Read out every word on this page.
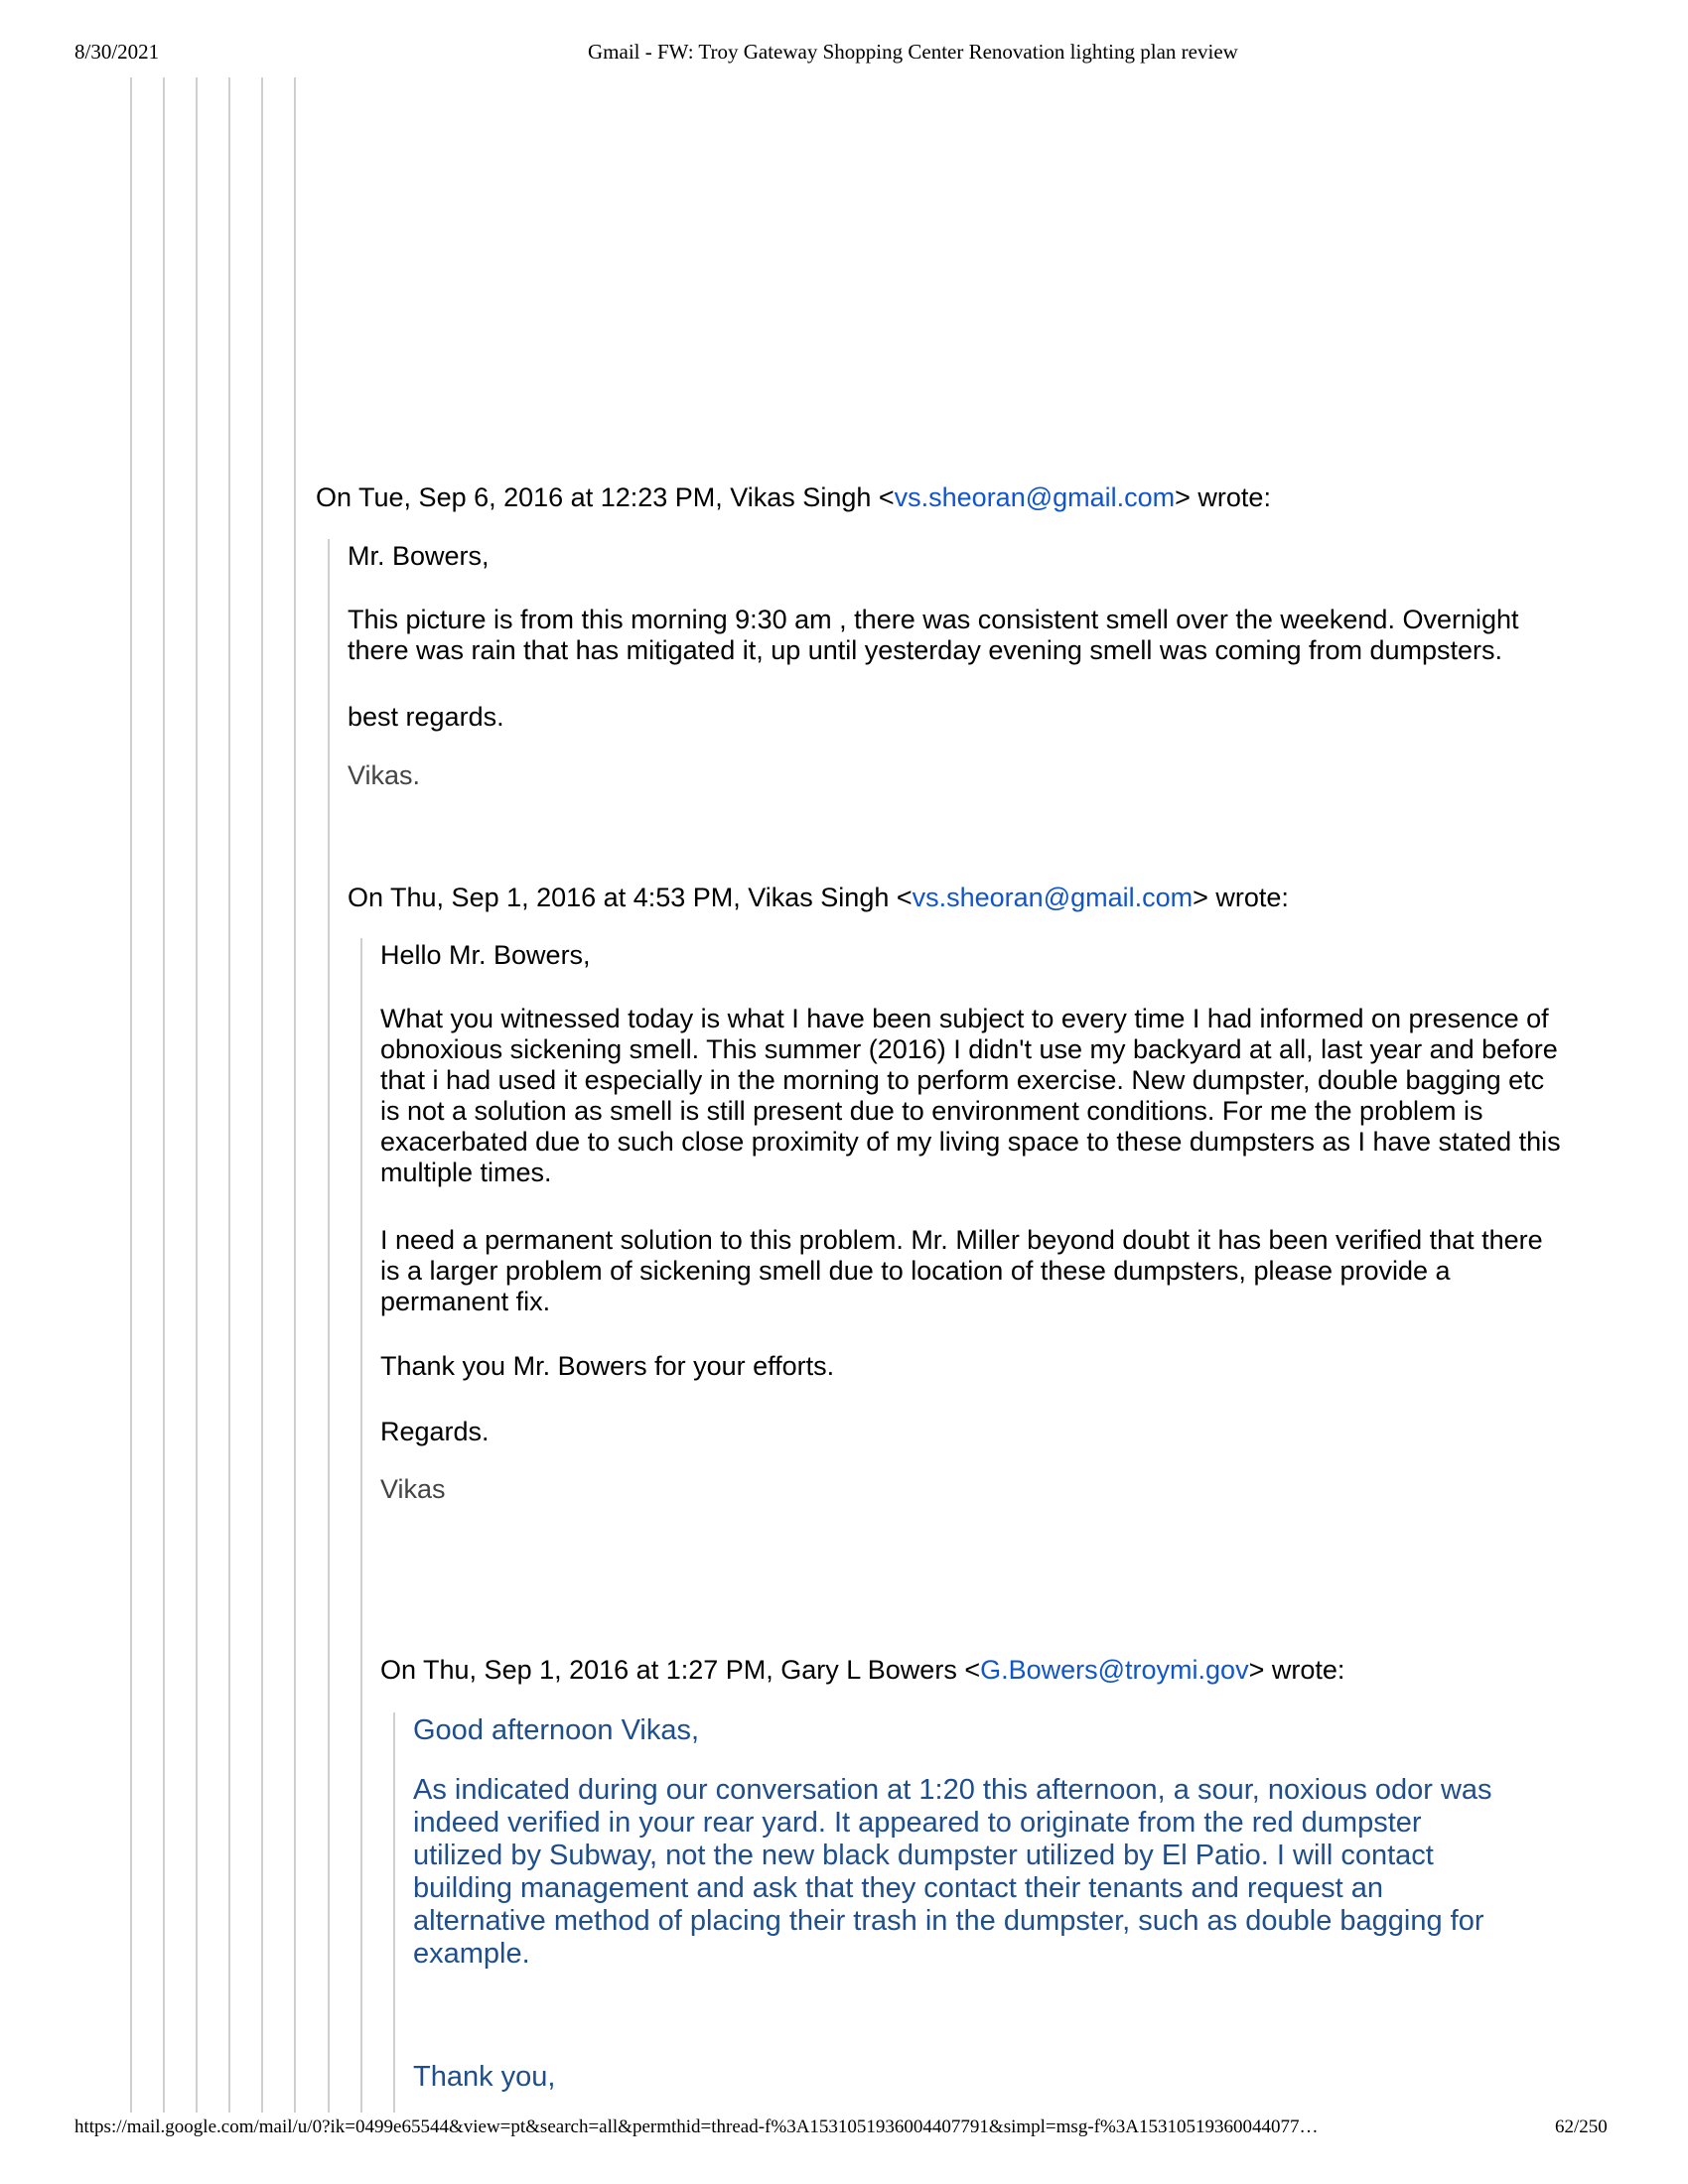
8/30/2021	Gmail - FW: Troy Gateway Shopping Center Renovation lighting plan review
On Tue, Sep 6, 2016 at 12:23 PM, Vikas Singh <vs.sheoran@gmail.com> wrote:
Mr. Bowers,
This picture is from this morning 9:30 am , there was consistent smell over the weekend. Overnight
there was rain that has mitigated it, up until yesterday evening smell was coming from dumpsters.
best regards.
Vikas.
On Thu, Sep 1, 2016 at 4:53 PM, Vikas Singh <vs.sheoran@gmail.com> wrote:
Hello Mr. Bowers,
What you witnessed today is what I have been subject to every time I had informed on presence of
obnoxious sickening smell. This summer (2016) I didn't use my backyard at all, last year and before
that i had used it especially in the morning to perform exercise. New dumpster, double bagging etc
is not a solution as smell is still present due to environment conditions. For me the problem is
exacerbated due to such close proximity of my living space to these dumpsters as I have stated this
multiple times.
I need a permanent solution to this problem. Mr. Miller beyond doubt it has been verified that there
is a larger problem of sickening smell due to location of these dumpsters, please provide a
permanent fix.
Thank you Mr. Bowers for your efforts.
Regards.
Vikas
On Thu, Sep 1, 2016 at 1:27 PM, Gary L Bowers <G.Bowers@troymi.gov> wrote:
Good afternoon Vikas,
As indicated during our conversation at 1:20 this afternoon, a sour, noxious odor was
indeed verified in your rear yard. It appeared to originate from the red dumpster
utilized by Subway, not the new black dumpster utilized by El Patio. I will contact
building management and ask that they contact their tenants and request an
alternative method of placing their trash in the dumpster, such as double bagging for
example.
Thank you,
https://mail.google.com/mail/u/0?ik=0499e65544&view=pt&search=all&permthid=thread-f%3A1531051936004407791&simpl=msg-f%3A15310519360044077…	62/250
